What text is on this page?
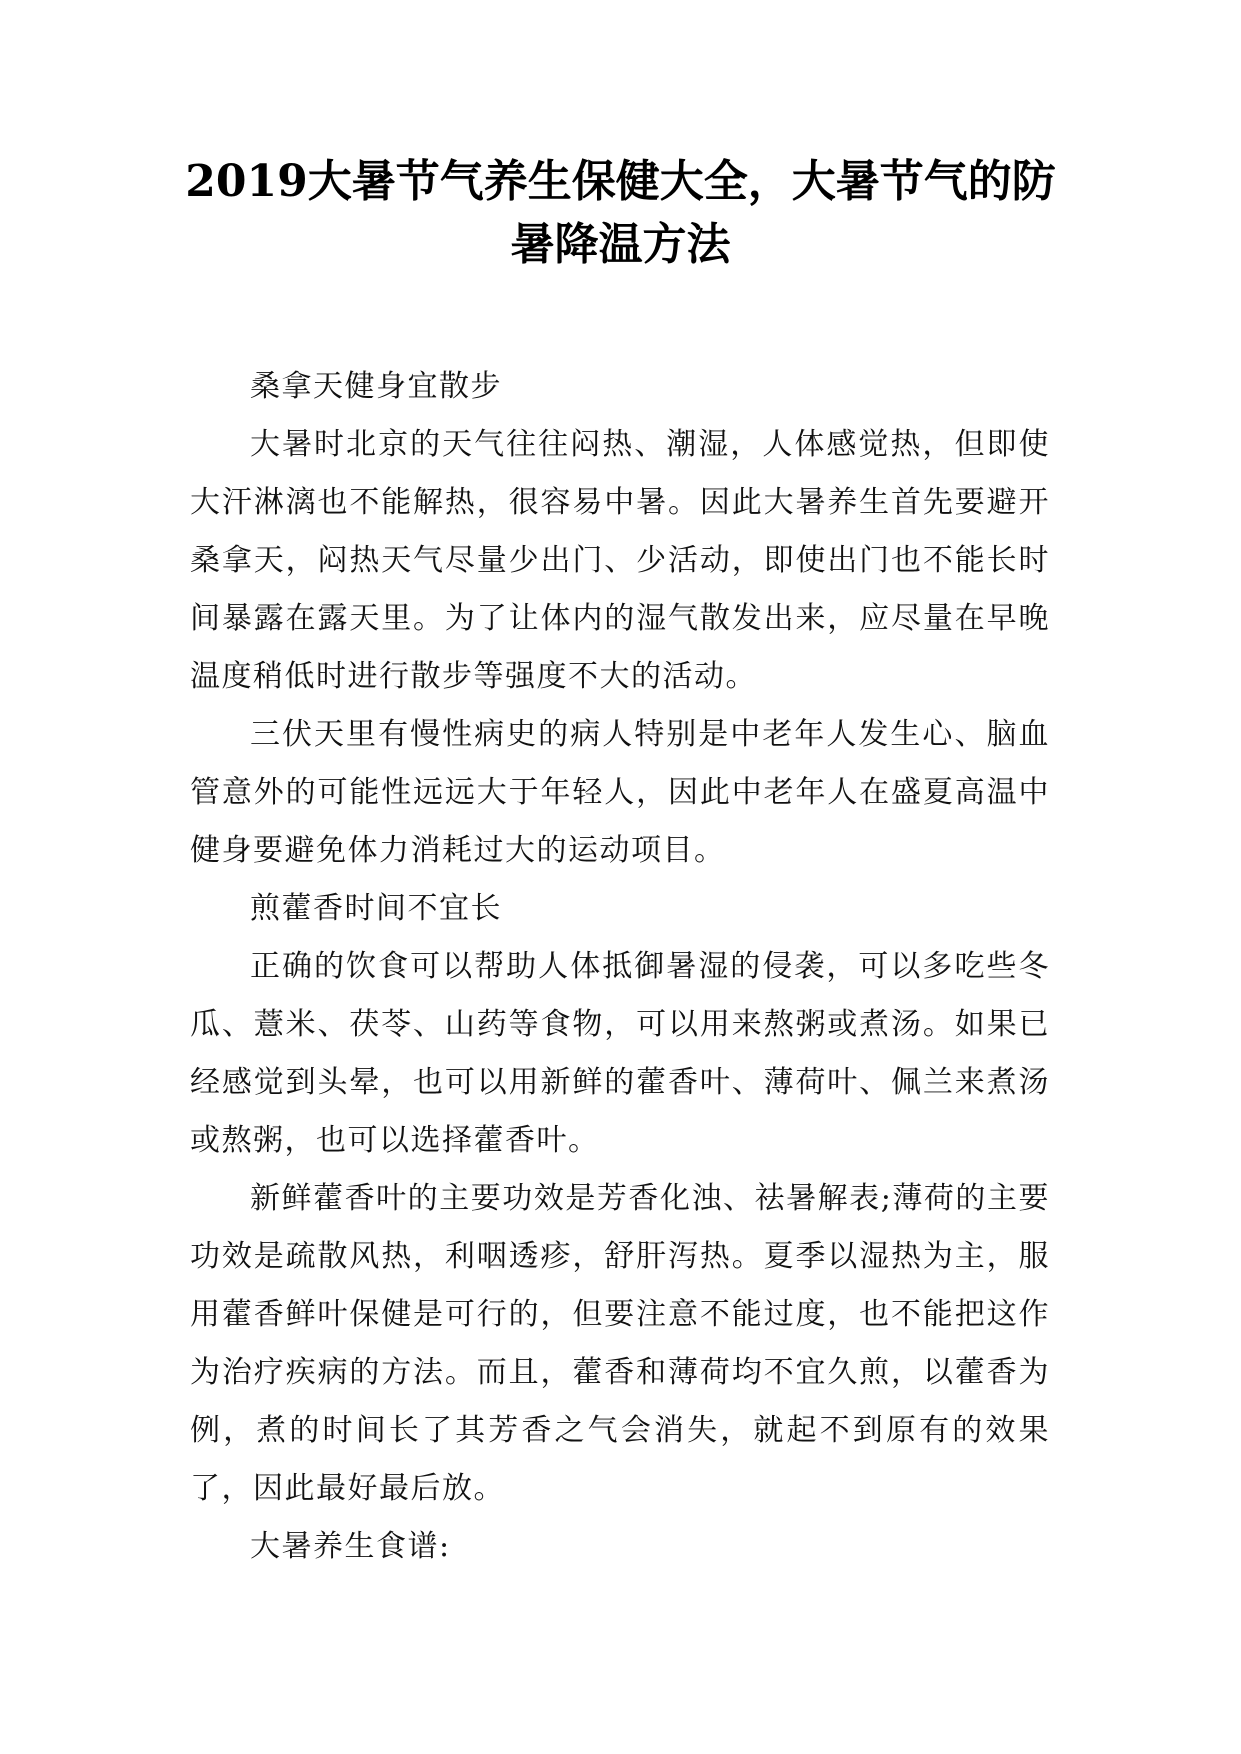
2019大暑节气养生保健大全，大暑节气的防暑降温方法

桑拿天健身宜散步

大暑时北京的天气往往闷热、潮湿，人体感觉热，但即使大汗淋漓也不能解热，很容易中暑。因此大暑养生首先要避开桑拿天，闷热天气尽量少出门、少活动，即使出门也不能长时间暴露在露天里。为了让体内的湿气散发出来，应尽量在早晚温度稍低时进行散步等强度不大的活动。

三伏天里有慢性病史的病人特别是中老年人发生心、脑血管意外的可能性远远大于年轻人，因此中老年人在盛夏高温中健身要避免体力消耗过大的运动项目。

煎藿香时间不宜长

正确的饮食可以帮助人体抵御暑湿的侵袭，可以多吃些冬瓜、薏米、茯苓、山药等食物，可以用来熬粥或煮汤。如果已经感觉到头晕，也可以用新鲜的藿香叶、薄荷叶、佩兰来煮汤或熬粥，也可以选择藿香叶。

新鲜藿香叶的主要功效是芳香化浊、祛暑解表;薄荷的主要功效是疏散风热，利咽透疹，舒肝泻热。夏季以湿热为主，服用藿香鲜叶保健是可行的，但要注意不能过度，也不能把这作为治疗疾病的方法。而且，藿香和薄荷均不宜久煎，以藿香为例，煮的时间长了其芳香之气会消失，就起不到原有的效果了，因此最好最后放。

大暑养生食谱:
